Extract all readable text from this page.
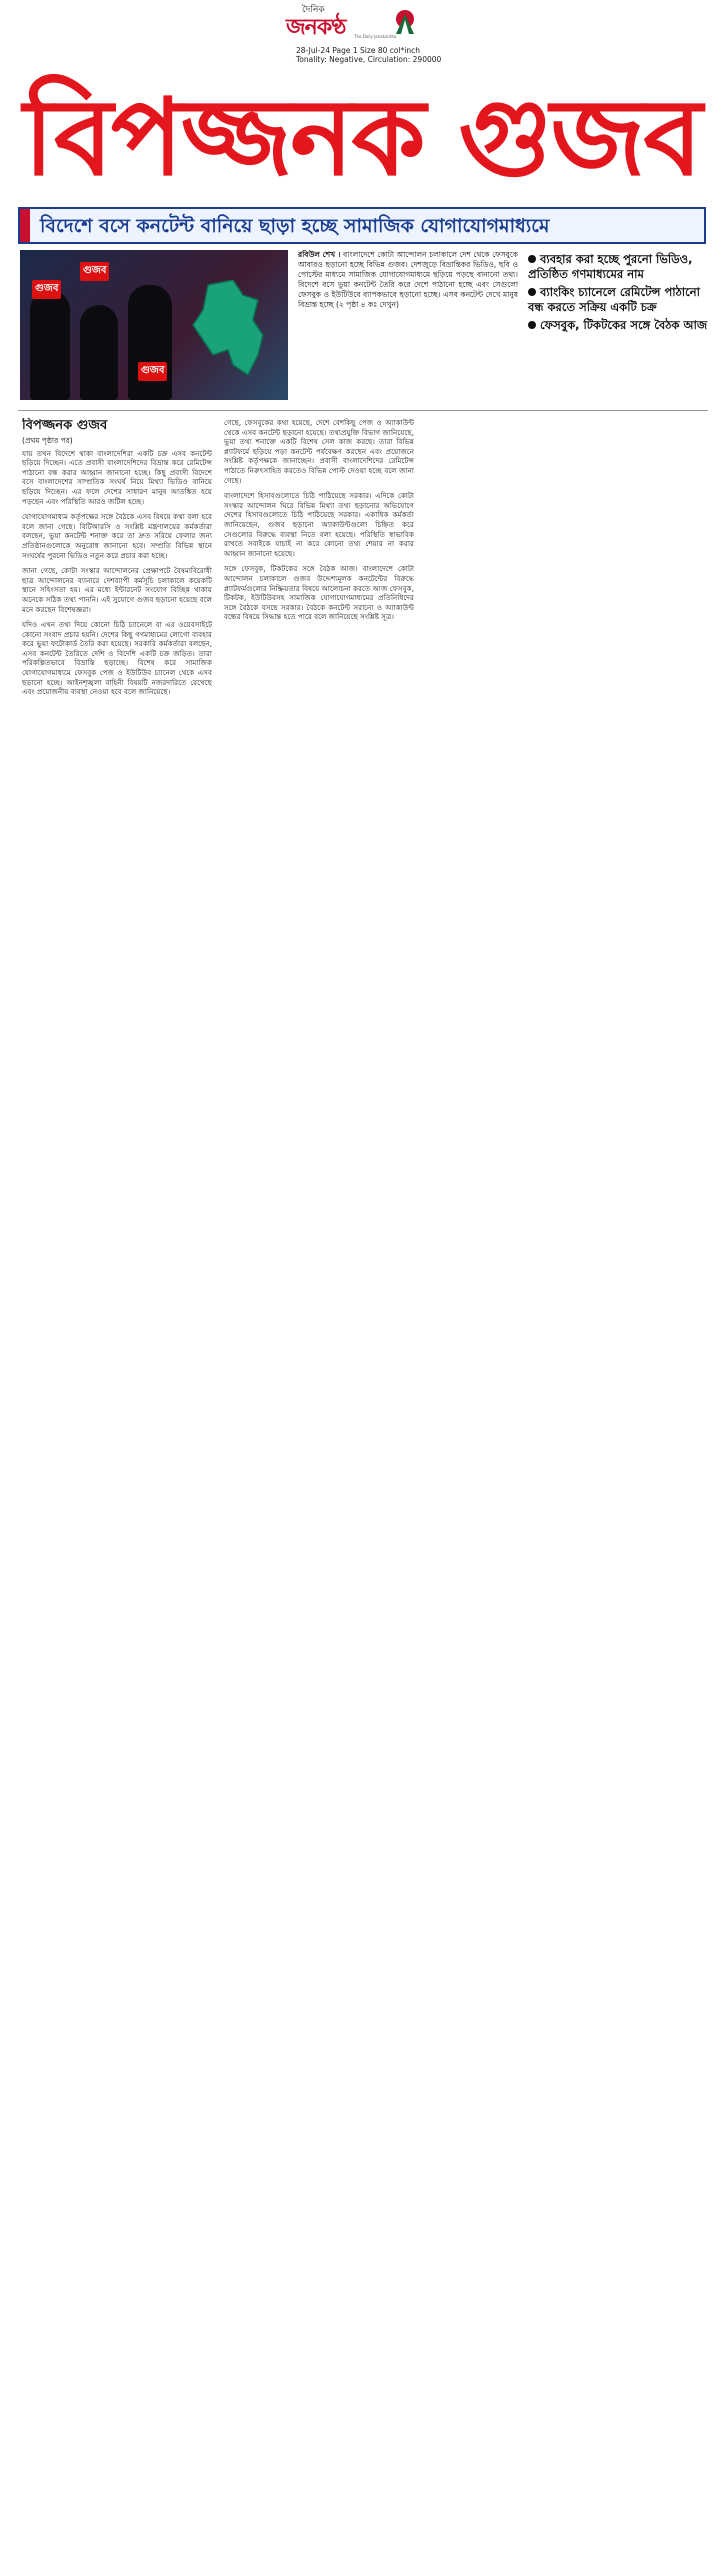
দৈনিক
জনকণ্ঠ The Daily Janakantha
28-Jul-24 Page 1 Size 80 col*inch
Tonality: Negative, Circulation: 290000
বিপজ্জনক গুজব
বিদেশে বসে কনটেন্ট বানিয়ে ছাড়া হচ্ছে সামাজিক যোগাযোগমাধ্যমে
গুজব
গুজব
গুজব
রবিউল শেখ । বাংলাদেশে কোটা আন্দোলন চলাকালে দেশ থেকে ফেসবুকে আবারও ছড়ানো হচ্ছে বিভিন্ন গুজব। দেশজুড়ে বিভ্রান্তিকর ভিডিও, ছবি ও পোস্টের মাধ্যমে সামাজিক যোগাযোগমাধ্যমে ছড়িয়ে পড়ছে বানানো তথ্য। বিদেশে বসে ভুয়া কনটেন্ট তৈরি করে দেশে পাঠানো হচ্ছে এবং সেগুলো ফেসবুক ও ইউটিউবে ব্যাপকভাবে ছড়ানো হচ্ছে। এসব কনটেন্ট দেখে মানুষ বিভ্রান্ত হচ্ছে (২ পৃষ্ঠা ৪ কঃ দেখুন)
ব্যবহার করা হচ্ছে পুরনো ভিডিও, প্রতিষ্ঠিত গণমাধ্যমের নাম
ব্যাংকিং চ্যানেলে রেমিটেন্স পাঠানো বন্ধ করতে সক্রিয় একটি চক্র
ফেসবুক, টিকটকের সঙ্গে বৈঠক আজ
বিপজ্জনক গুজব
(প্রথম পৃষ্ঠার পর)

যায় তখন বিদেশে থাকা বাংলাদেশিরা একটি চক্র এসব কনটেন্ট ছড়িয়ে দিচ্ছেন। এতে প্রবাসী বাংলাদেশিদের বিভ্রান্ত করে রেমিটেন্স পাঠানো বন্ধ করার আহ্বান জানানো হচ্ছে। কিছু প্রবাসী বিদেশে বসে বাংলাদেশের সাম্প্রতিক সংঘর্ষ নিয়ে মিথ্যা ভিডিও বানিয়ে ছড়িয়ে দিচ্ছেন। এর ফলে দেশের সাধারণ মানুষ আতঙ্কিত হয়ে পড়ছেন এবং পরিস্থিতি আরও জটিল হচ্ছে।

যোগাযোগমাধ্যম কর্তৃপক্ষের সঙ্গে বৈঠকে এসব বিষয়ে কথা বলা হবে বলে জানা গেছে। বিটিআরসি ও সংশ্লিষ্ট মন্ত্রণালয়ের কর্মকর্তারা বলছেন, ভুয়া কনটেন্ট শনাক্ত করে তা দ্রুত সরিয়ে ফেলার জন্য প্রতিষ্ঠানগুলোকে অনুরোধ জানানো হবে। সম্প্রতি বিভিন্ন স্থানে সংঘর্ষের পুরনো ভিডিও নতুন করে প্রচার করা হচ্ছে।

জানা গেছে, কোটা সংস্কার আন্দোলনের প্রেক্ষাপটে বৈষম্যবিরোধী ছাত্র আন্দোলনের ব্যানারে দেশব্যাপী কর্মসূচি চলাকালে কয়েকটি স্থানে সহিংসতা হয়। এর মধ্যে ইন্টারনেট সংযোগ বিচ্ছিন্ন থাকায় অনেকে সঠিক তথ্য পাননি। এই সুযোগে গুজব ছড়ানো হয়েছে বলে মনে করছেন বিশেষজ্ঞরা।

যদিও এখন তথ্য দিয়ে কোনো চিঠি চ্যানেলে বা এর ওয়েবসাইটে কোনো সংবাদ প্রচার হয়নি। দেশের কিছু গণমাধ্যমের লোগো ব্যবহার করে ভুয়া ফটোকার্ড তৈরি করা হয়েছে। সরকারি কর্মকর্তারা বলছেন, এসব কনটেন্ট তৈরিতে দেশি ও বিদেশি একটি চক্র জড়িত। তারা পরিকল্পিতভাবে বিভ্রান্তি ছড়াচ্ছে। বিশেষ করে সামাজিক যোগাযোগমাধ্যমে ফেসবুক পেজ ও ইউটিউব চ্যানেল থেকে এসব ছড়ানো হচ্ছে। আইনশৃঙ্খলা বাহিনী বিষয়টি নজরদারিতে রেখেছে এবং প্রয়োজনীয় ব্যবস্থা নেওয়া হবে বলে জানিয়েছে।

গেছে, ফেসবুকের কথা হয়েছে, দেশে বেশকিছু পেজ ও অ্যাকাউন্ট থেকে এসব কনটেন্ট ছড়ানো হয়েছে। তথ্যপ্রযুক্তি বিভাগ জানিয়েছে, ভুয়া তথ্য শনাক্তে একটি বিশেষ সেল কাজ করছে। তারা বিভিন্ন প্ল্যাটফর্মে ছড়িয়ে পড়া কনটেন্ট পর্যবেক্ষণ করছেন এবং প্রয়োজনে সংশ্লিষ্ট কর্তৃপক্ষকে জানাচ্ছেন। প্রবাসী বাংলাদেশিদের রেমিটেন্স পাঠাতে নিরুৎসাহিত করতেও বিভিন্ন পোস্ট দেওয়া হচ্ছে বলে জানা গেছে।

বাংলাদেশে হিসাবগুলোতে চিঠি পাঠিয়েছে সরকার। এদিকে কোটা সংস্কার আন্দোলন ঘিরে বিভিন্ন মিথ্যা তথ্য ছড়ানোর অভিযোগে দেশের হিসাবগুলোতে চিঠি পাঠিয়েছে সরকার। একাধিক কর্মকর্তা জানিয়েছেন, গুজব ছড়ানো অ্যাকাউন্টগুলো চিহ্নিত করে সেগুলোর বিরুদ্ধে ব্যবস্থা নিতে বলা হয়েছে। পরিস্থিতি স্বাভাবিক রাখতে সবাইকে যাচাই না করে কোনো তথ্য শেয়ার না করার আহ্বান জানানো হয়েছে।

সঙ্গে ফেসবুক, টিকটকের সঙ্গে বৈঠক আজ। বাংলাদেশে কোটা আন্দোলন চলাকালে গুজব উদ্দেশ্যমূলক কনটেন্টের বিরুদ্ধে প্ল্যাটফর্মগুলোর নিষ্ক্রিয়তার বিষয়ে আলোচনা করতে আজ ফেসবুক, টিকটক, ইউটিউবসহ সামাজিক যোগাযোগমাধ্যমের প্রতিনিধিদের সঙ্গে বৈঠকে বসছে সরকার। বৈঠকে কনটেন্ট সরানো ও অ্যাকাউন্ট বন্ধের বিষয়ে সিদ্ধান্ত হতে পারে বলে জানিয়েছে সংশ্লিষ্ট সূত্র।
